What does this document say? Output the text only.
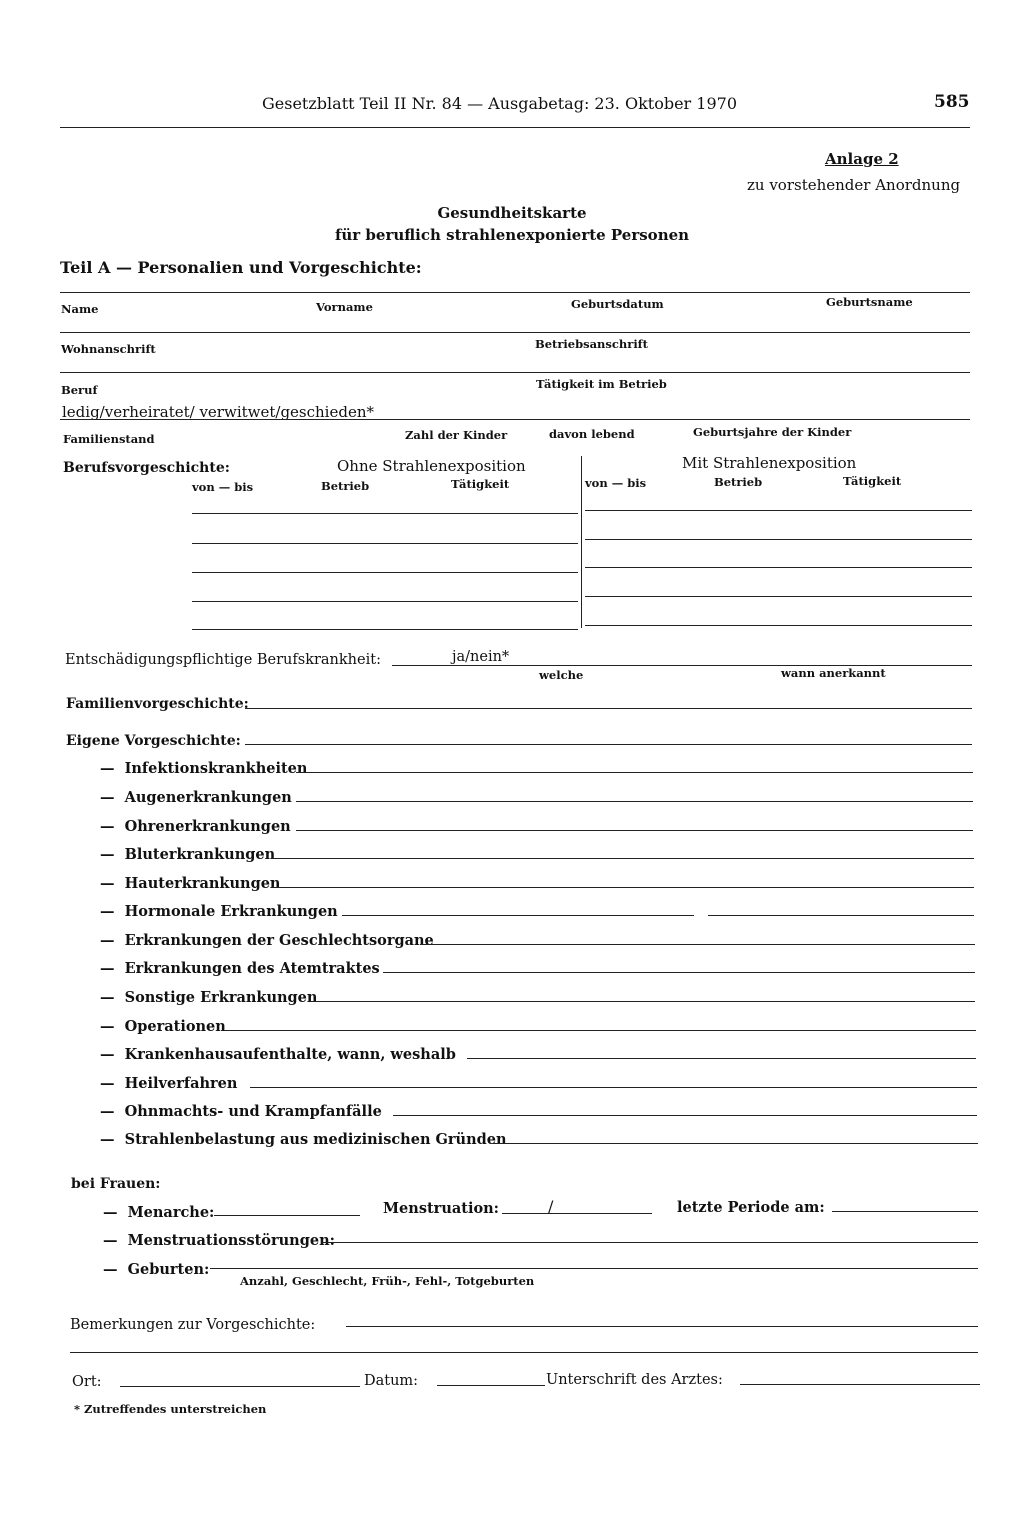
Gesetzblatt Teil II Nr. 84 — Ausgabetag: 23. Oktober 1970	585
Anlage 2
zu vorstehender Anordnung
Gesundheitskarte
für beruflich strahlenexponierte Personen
Teil A — Personalien und Vorgeschichte:
Name	Vorname	Geburtsdatum	Geburtsname
Wohnanschrift	Betriebsanschrift
Beruf	Tätigkeit im Betrieb
ledig/verheiratet/ verwitwet/geschieden*
Familienstand	Zahl der Kinder	davon lebend	Geburtsjahre der Kinder
Berufsvorgeschichte:	Ohne Strahlenexposition	Mit Strahlenexposition
von — bis	Betrieb	Tätigkeit	von — bis	Betrieb	Tätigkeit
Entschädigungspflichtige Berufskrankheit:	ja/nein*
welche	wann anerkannt
Familienvorgeschichte:
Eigene Vorgeschichte:
—  Infektionskrankheiten
—  Augenerkrankungen
—  Ohrenerkrankungen
—  Bluterkrankungen
—  Hauterkrankungen
—  Hormonale Erkrankungen
—  Erkrankungen der Geschlechtsorgane
—  Erkrankungen des Atemtraktes
—  Sonstige Erkrankungen
—  Operationen
—  Krankenhausaufenthalte, wann, weshalb
—  Heilverfahren
—  Ohnmachts- und Krampfanfälle
—  Strahlenbelastung aus medizinischen Gründen
bei Frauen:
—  Menarche:	Menstruation:	/	letzte Periode am:
—  Menstruationsstörungen:
—  Geburten:
Anzahl, Geschlecht, Früh-, Fehl-, Totgeburten
Bemerkungen zur Vorgeschichte:
Ort:	Datum:	Unterschrift des Arztes:
* Zutreffendes unterstreichen
